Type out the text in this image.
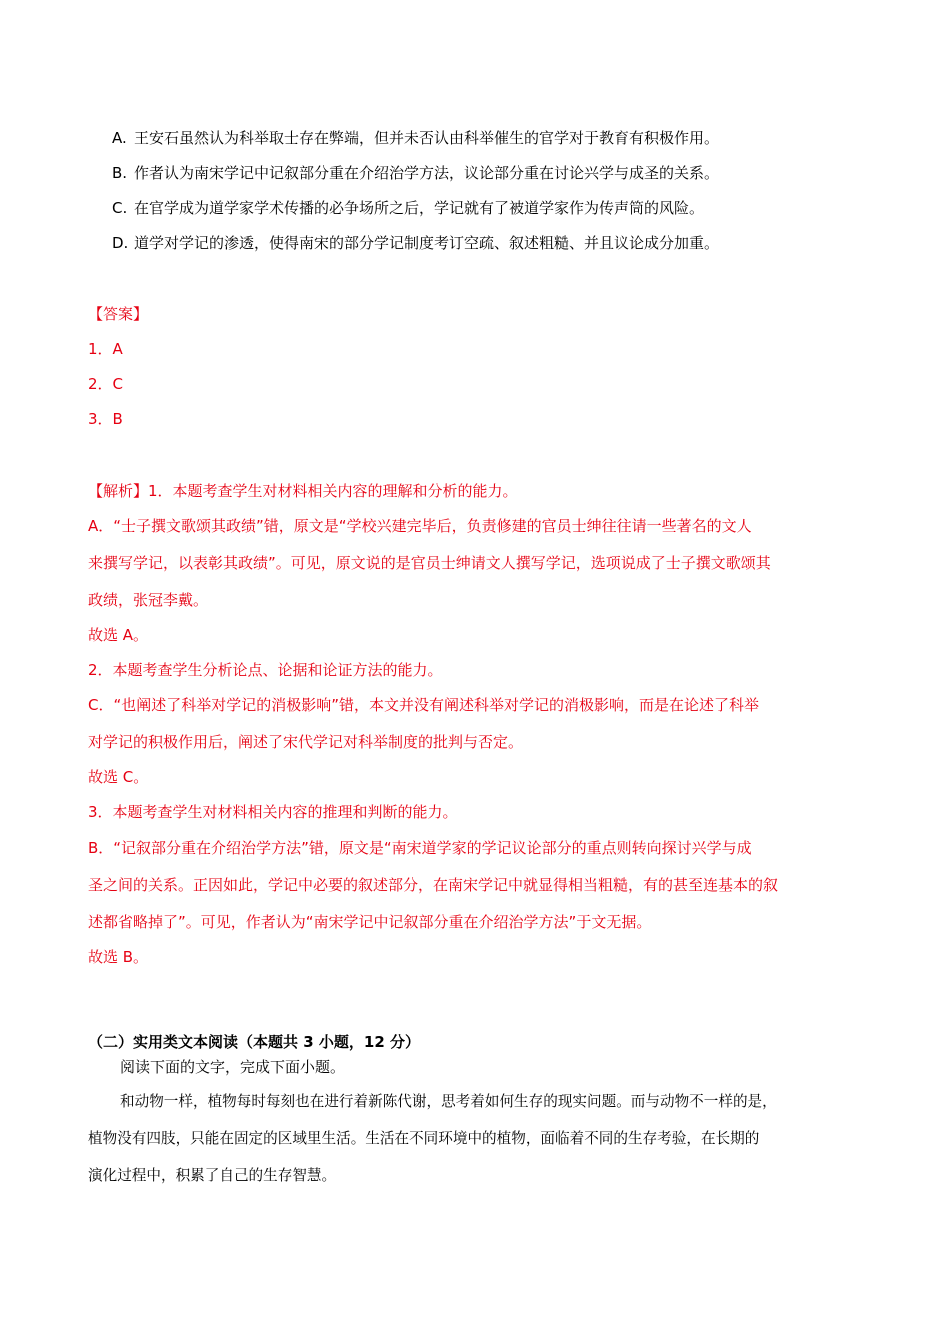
A. 王安石虽然认为科举取士存在弊端，但并未否认由科举催生的官学对于教育有积极作用。
B. 作者认为南宋学记中记叙部分重在介绍治学方法，议论部分重在讨论兴学与成圣的关系。
C. 在官学成为道学家学术传播的必争场所之后，学记就有了被道学家作为传声筒的风险。
D. 道学对学记的渗透，使得南宋的部分学记制度考订空疏、叙述粗糙、并且议论成分加重。
【答案】
1．A
2．C
3．B
【解析】1．本题考查学生对材料相关内容的理解和分析的能力。
A．“士子撰文歌颂其政绩”错，原文是“学校兴建完毕后，负责修建的官员士绅往往请一些著名的文人
来撰写学记，以表彰其政绩”。可见，原文说的是官员士绅请文人撰写学记，选项说成了士子撰文歌颂其
政绩，张冠李戴。
故选 A。
2．本题考查学生分析论点、论据和论证方法的能力。
C．“也阐述了科举对学记的消极影响”错，本文并没有阐述科举对学记的消极影响，而是在论述了科举
对学记的积极作用后，阐述了宋代学记对科举制度的批判与否定。
故选 C。
3．本题考查学生对材料相关内容的推理和判断的能力。
B．“记叙部分重在介绍治学方法”错，原文是“南宋道学家的学记议论部分的重点则转向探讨兴学与成
圣之间的关系。正因如此，学记中必要的叙述部分，在南宋学记中就显得相当粗糙，有的甚至连基本的叙
述都省略掉了”。可见，作者认为“南宋学记中记叙部分重在介绍治学方法”于文无据。
故选 B。
（二）实用类文本阅读（本题共 3 小题，12 分）
阅读下面的文字，完成下面小题。
和动物一样，植物每时每刻也在进行着新陈代谢，思考着如何生存的现实问题。而与动物不一样的是，
植物没有四肢，只能在固定的区域里生活。生活在不同环境中的植物，面临着不同的生存考验，在长期的
演化过程中，积累了自己的生存智慧。
